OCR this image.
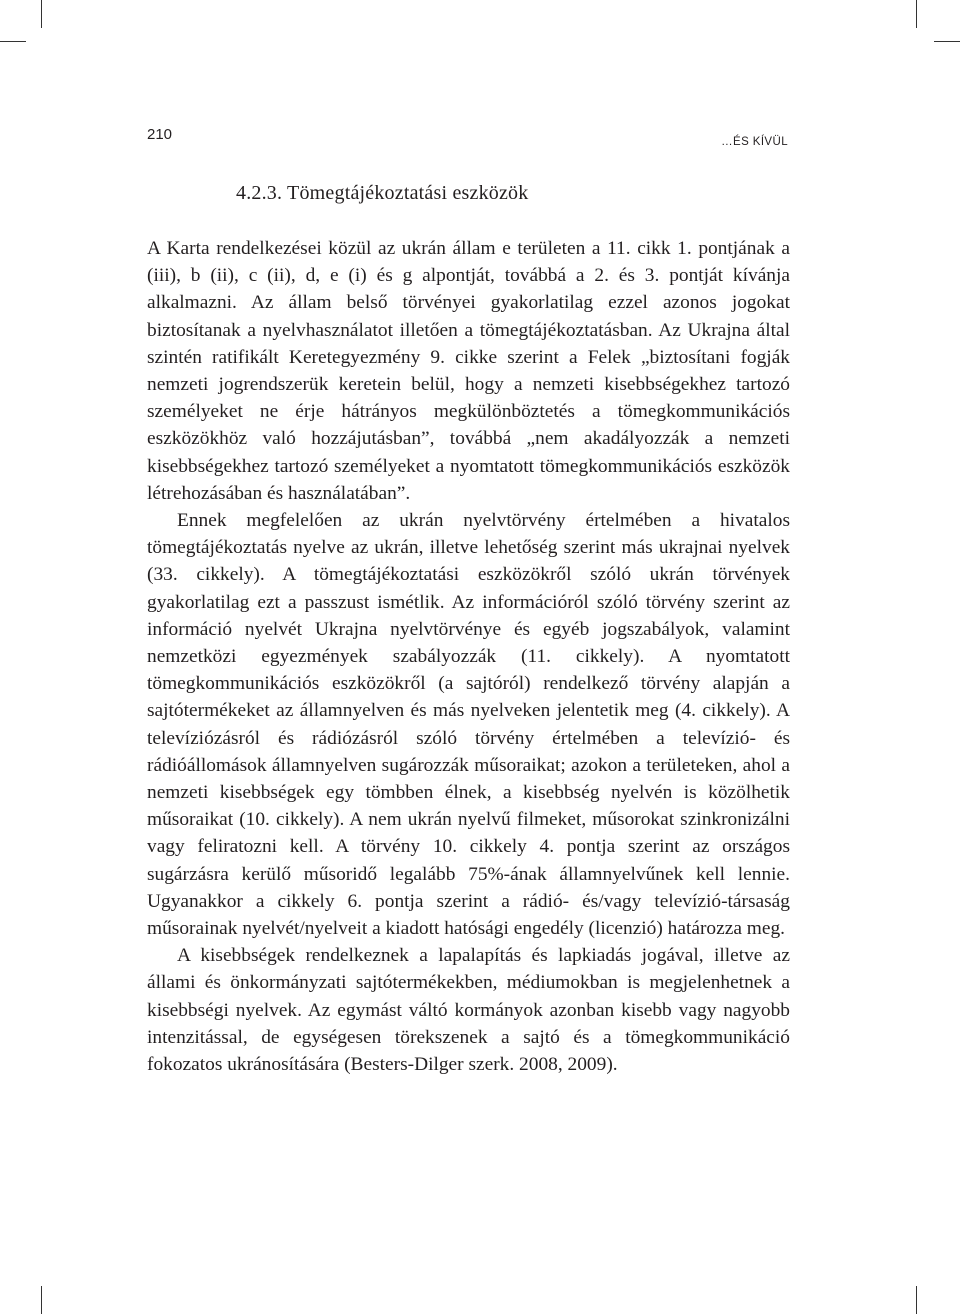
210	…ÉS KÍVÜL
4.2.3. Tömegtájékoztatási eszközök

A Karta rendelkezései közül az ukrán állam e területen a 11. cikk 1. pontjának a (iii), b (ii), c (ii), d, e (i) és g alpontját, továbbá a 2. és 3. pontját kívánja alkalmazni. Az állam belső törvényei gyakorlatilag ezzel azonos jogokat biztosítanak a nyelvhasználatot illetően a tömegtájékoztatásban. Az Ukrajna által szintén ratifikált Keretegyezmény 9. cikke szerint a Felek „biztosítani fogják nemzeti jogrendszerük keretein belül, hogy a nemzeti kisebbségekhez tartozó személyeket ne érje hátrányos megkülönböztetés a tömegkommunikációs eszközökhöz való hozzájutásban”, továbbá „nem akadályozzák a nemzeti kisebbségekhez tartozó személyeket a nyomtatott tömegkommunikációs eszközök létrehozásában és használatában”.

Ennek megfelelően az ukrán nyelvtörvény értelmében a hivatalos tömegtájékoztatás nyelve az ukrán, illetve lehetőség szerint más ukrajnai nyelvek (33. cikkely). A tömegtájékoztatási eszközökről szóló ukrán törvények gyakorlatilag ezt a passzust ismétlik. Az információról szóló törvény szerint az információ nyelvét Ukrajna nyelvtörvénye és egyéb jogszabályok, valamint nemzetközi egyezmények szabályozzák (11. cikkely). A nyomtatott tömegkommunikációs eszközökről (a sajtóról) rendelkező törvény alapján a sajtótermékeket az államnyelven és más nyelveken jelentetik meg (4. cikkely). A televíziózásról és rádiózásról szóló törvény értelmében a televízió- és rádióállomások államnyelven sugározzák műsoraikat; azokon a területeken, ahol a nemzeti kisebbségek egy tömbben élnek, a kisebbség nyelvén is közölhetik műsoraikat (10. cikkely). A nem ukrán nyelvű filmeket, műsorokat szinkronizálni vagy feliratozni kell. A törvény 10. cikkely 4. pontja szerint az országos sugárzásra kerülő műsoridő legalább 75%-ának államnyelvűnek kell lennie. Ugyanakkor a cikkely 6. pontja szerint a rádió- és/vagy televízió-társaság műsorainak nyelvét/nyelveit a kiadott hatósági engedély (licenzió) határozza meg.

A kisebbségek rendelkeznek a lapalapítás és lapkiadás jogával, illetve az állami és önkormányzati sajtótermékekben, médiumokban is megjelenhetnek a kisebbségi nyelvek. Az egymást váltó kormányok azonban kisebb vagy nagyobb intenzitással, de egységesen törekszenek a sajtó és a tömegkommunikáció fokozatos ukránosítására (Besters-Dilger szerk. 2008, 2009).
